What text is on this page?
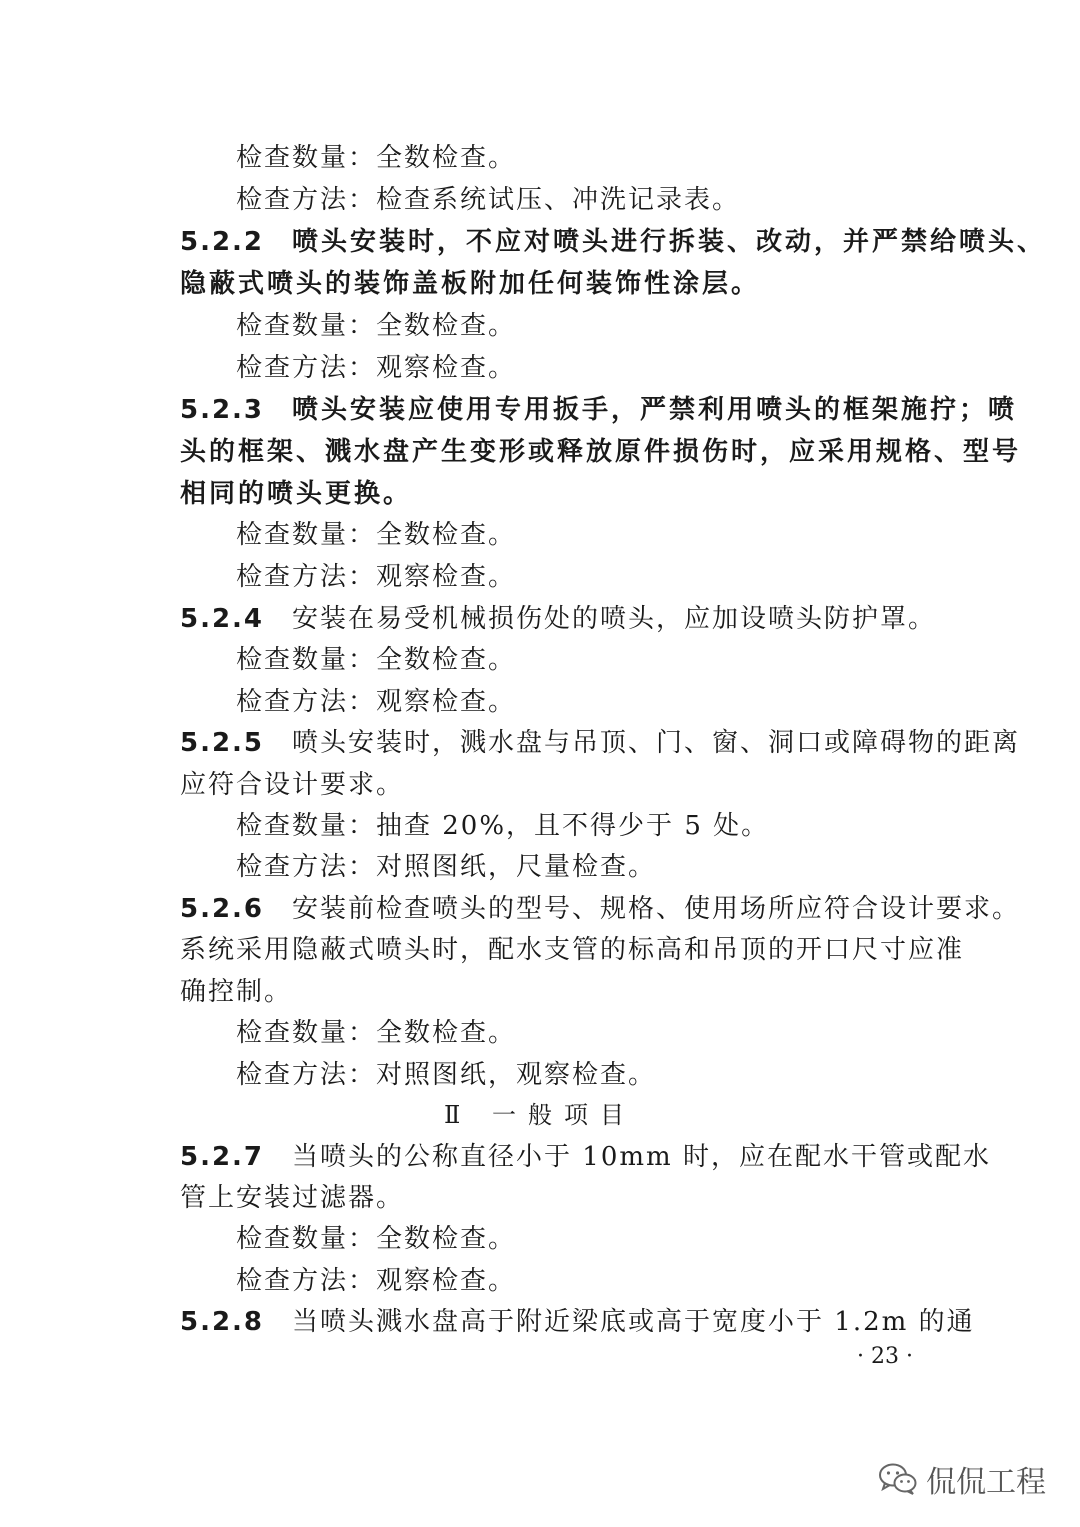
检查数量：全数检查。
检查方法：检查系统试压、冲洗记录表。
5.2.2 喷头安装时，不应对喷头进行拆装、改动，并严禁给喷头、
隐蔽式喷头的装饰盖板附加任何装饰性涂层。
检查数量：全数检查。
检查方法：观察检查。
5.2.3 喷头安装应使用专用扳手，严禁利用喷头的框架施拧；喷
头的框架、溅水盘产生变形或释放原件损伤时，应采用规格、型号
相同的喷头更换。
检查数量：全数检查。
检查方法：观察检查。
5.2.4 安装在易受机械损伤处的喷头，应加设喷头防护罩。
检查数量：全数检查。
检查方法：观察检查。
5.2.5 喷头安装时，溅水盘与吊顶、门、窗、洞口或障碍物的距离
应符合设计要求。
检查数量：抽查 20%，且不得少于 5 处。
检查方法：对照图纸，尺量检查。
5.2.6 安装前检查喷头的型号、规格、使用场所应符合设计要求。
系统采用隐蔽式喷头时，配水支管的标高和吊顶的开口尺寸应准
确控制。
检查数量：全数检查。
检查方法：对照图纸，观察检查。
Ⅱ 一般项目
5.2.7 当喷头的公称直径小于 10mm 时，应在配水干管或配水
管上安装过滤器。
检查数量：全数检查。
检查方法：观察检查。
5.2.8 当喷头溅水盘高于附近梁底或高于宽度小于 1.2m 的通
· 23 ·
侃侃工程
